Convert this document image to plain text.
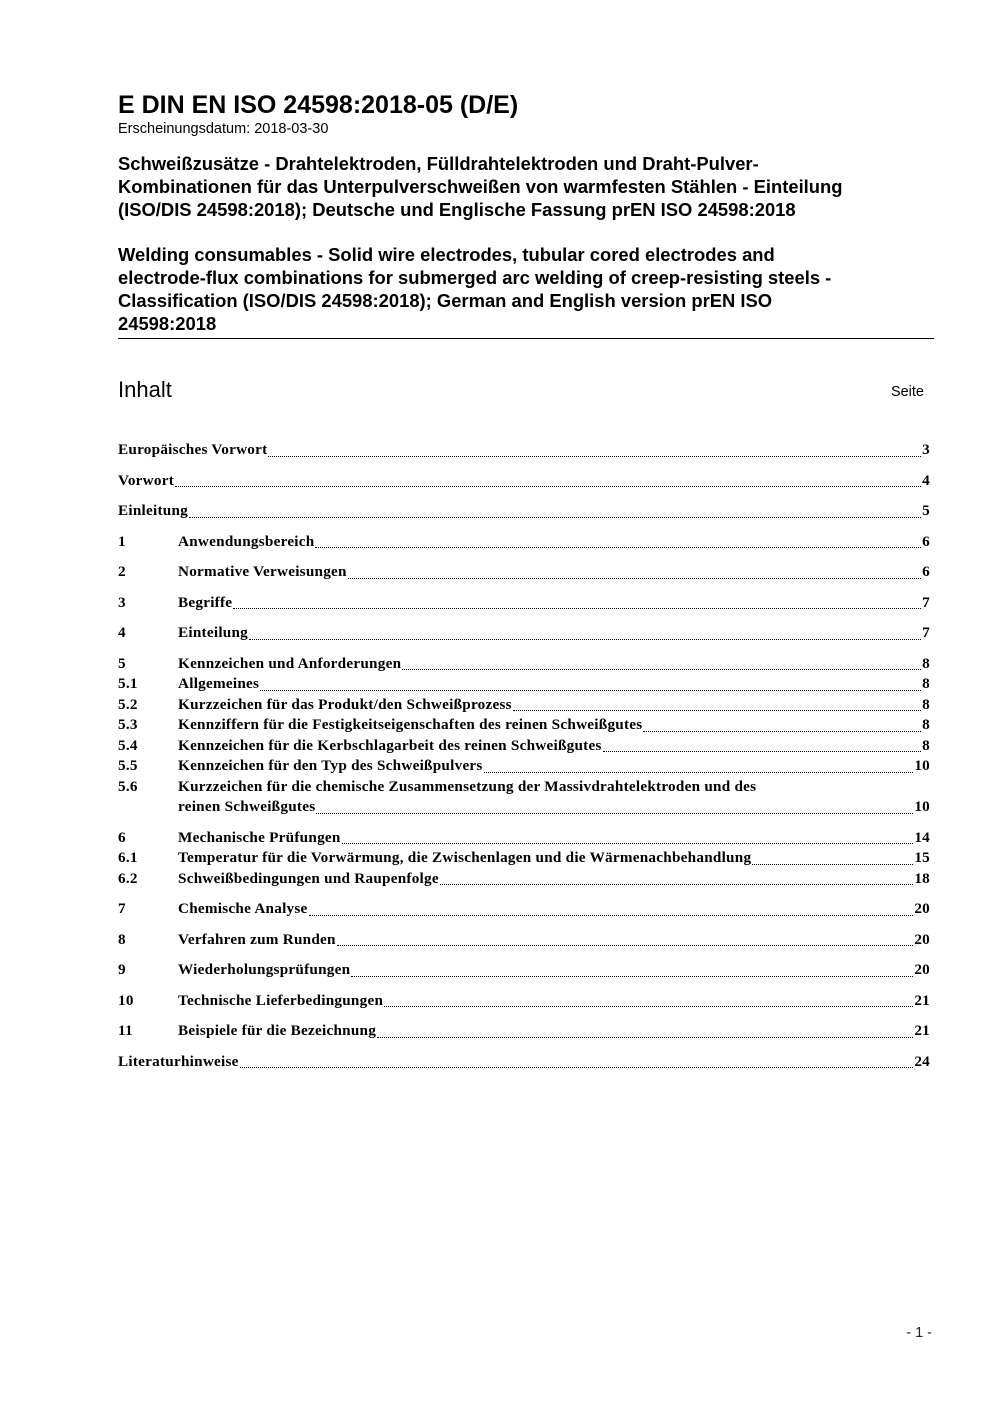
E DIN EN ISO 24598:2018-05 (D/E)

Erscheinungsdatum: 2018-03-30

Schweißzusätze - Drahtelektroden, Fülldrahtelektroden und Draht-Pulver-
Kombinationen für das Unterpulverschweißen von warmfesten Stählen - Einteilung
(ISO/DIS 24598:2018); Deutsche und Englische Fassung prEN ISO 24598:2018
Welding consumables - Solid wire electrodes, tubular cored electrodes and
electrode-flux combinations for submerged arc welding of creep-resisting steels -
Classification (ISO/DIS 24598:2018); German and English version prEN ISO
24598:2018
Inhalt	Seite
Europäisches Vorwort	3
Vorwort	4
Einleitung	5
1	Anwendungsbereich	6
2	Normative Verweisungen	6
3	Begriffe	7
4	Einteilung	7
5	Kennzeichen und Anforderungen	8
5.1	Allgemeines	8
5.2	Kurzzeichen für das Produkt/den Schweißprozess	8
5.3	Kennziffern für die Festigkeitseigenschaften des reinen Schweißgutes	8
5.4	Kennzeichen für die Kerbschlagarbeit des reinen Schweißgutes	8
5.5	Kennzeichen für den Typ des Schweißpulvers	10
5.6	Kurzzeichen für die chemische Zusammensetzung der Massivdrahtelektroden und des
reinen Schweißgutes	10
6	Mechanische Prüfungen	14
6.1	Temperatur für die Vorwärmung, die Zwischenlagen und die Wärmenachbehandlung	15
6.2	Schweißbedingungen und Raupenfolge	18
7	Chemische Analyse	20
8	Verfahren zum Runden	20
9	Wiederholungsprüfungen	20
10	Technische Lieferbedingungen	21
11	Beispiele für die Bezeichnung	21
Literaturhinweise	24
- 1 -
